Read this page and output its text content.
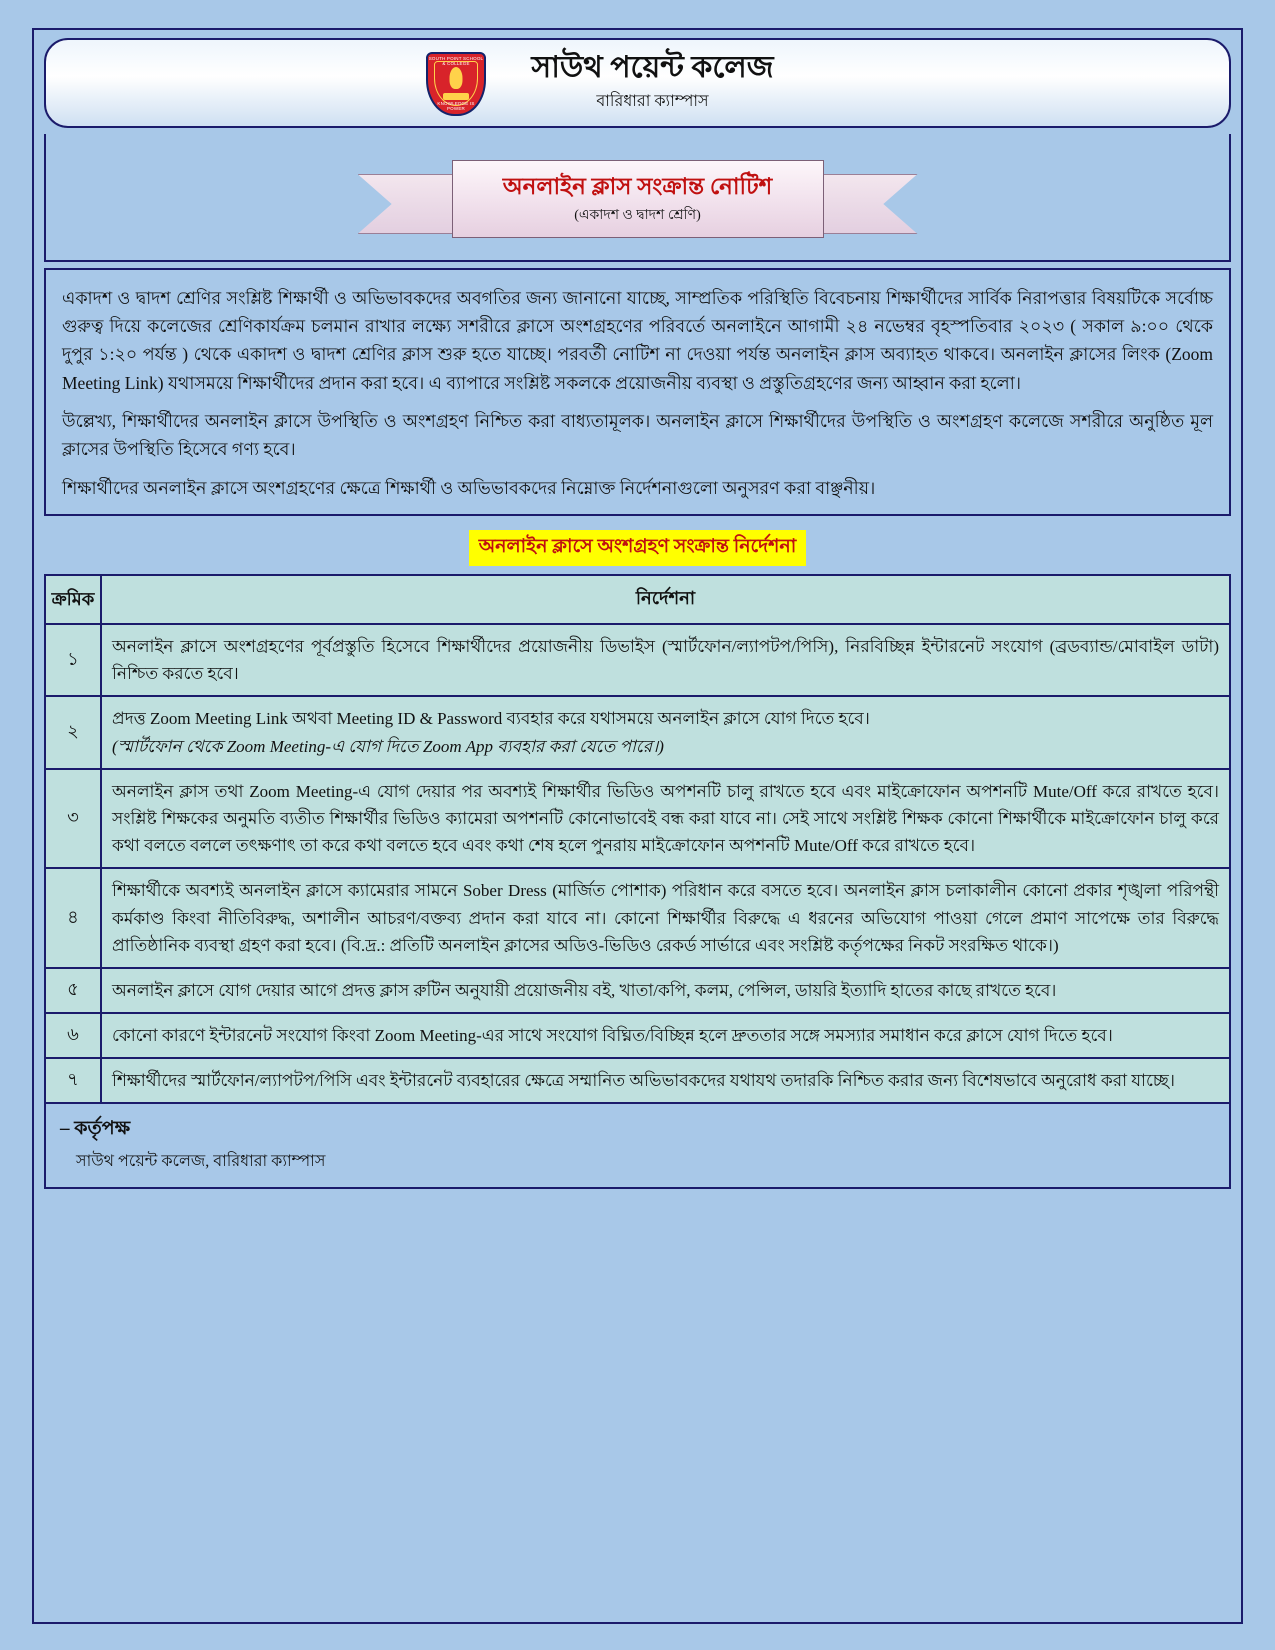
SOUTH POINT SCHOOL & COLLEGE
KNOWLEDGE IS POWER
সাউথ পয়েন্ট কলেজ
বারিধারা ক্যাম্পাস
অনলাইন ক্লাস সংক্রান্ত নোটিশ
(একাদশ ও দ্বাদশ শ্রেণি)

একাদশ ও দ্বাদশ শ্রেণির সংশ্লিষ্ট শিক্ষার্থী ও অভিভাবকদের অবগতির জন্য জানানো যাচ্ছে, সাম্প্রতিক পরিস্থিতি বিবেচনায় শিক্ষার্থীদের সার্বিক নিরাপত্তার বিষয়টিকে সর্বোচ্চ গুরুত্ব দিয়ে কলেজের শ্রেণিকার্যক্রম চলমান রাখার লক্ষ্যে সশরীরে ক্লাসে অংশগ্রহণের পরিবর্তে অনলাইনে আগামী ২৪ নভেম্বর বৃহস্পতিবার ২০২৩ ( সকাল ৯:০০ থেকে দুপুর ১:২০ পর্যন্ত ) থেকে একাদশ ও দ্বাদশ শ্রেণির ক্লাস শুরু হতে যাচ্ছে। পরবর্তী নোটিশ না দেওয়া পর্যন্ত অনলাইন ক্লাস অব্যাহত থাকবে। অনলাইন ক্লাসের লিংক (Zoom Meeting Link) যথাসময়ে শিক্ষার্থীদের প্রদান করা হবে। এ ব্যাপারে সংশ্লিষ্ট সকলকে প্রয়োজনীয় ব্যবস্থা ও প্রস্তুতিগ্রহণের জন্য আহ্বান করা হলো।

উল্লেখ্য, শিক্ষার্থীদের অনলাইন ক্লাসে উপস্থিতি ও অংশগ্রহণ নিশ্চিত করা বাধ্যতামূলক। অনলাইন ক্লাসে শিক্ষার্থীদের উপস্থিতি ও অংশগ্রহণ কলেজে সশরীরে অনুষ্ঠিত মূল ক্লাসের উপস্থিতি হিসেবে গণ্য হবে।

শিক্ষার্থীদের অনলাইন ক্লাসে অংশগ্রহণের ক্ষেত্রে শিক্ষার্থী ও অভিভাবকদের নিম্নোক্ত নির্দেশনাগুলো অনুসরণ করা বাঞ্ছনীয়।

অনলাইন ক্লাসে অংশগ্রহণ সংক্রান্ত নির্দেশনা
ক্রমিক	নির্দেশনা
১	অনলাইন ক্লাসে অংশগ্রহণের পূর্বপ্রস্তুতি হিসেবে শিক্ষার্থীদের প্রয়োজনীয় ডিভাইস (স্মার্টফোন/ল্যাপটপ/পিসি), নিরবিচ্ছিন্ন ইন্টারনেট সংযোগ (ব্রডব্যান্ড/মোবাইল ডাটা) নিশ্চিত করতে হবে।
২	প্রদত্ত Zoom Meeting Link অথবা Meeting ID & Password ব্যবহার করে যথাসময়ে অনলাইন ক্লাসে যোগ দিতে হবে।
(স্মার্টফোন থেকে Zoom Meeting-এ যোগ দিতে Zoom App ব্যবহার করা যেতে পারে।)
৩	অনলাইন ক্লাস তথা Zoom Meeting-এ যোগ দেয়ার পর অবশ্যই শিক্ষার্থীর ভিডিও অপশনটি চালু রাখতে হবে এবং মাইক্রোফোন অপশনটি Mute/Off করে রাখতে হবে। সংশ্লিষ্ট শিক্ষকের অনুমতি ব্যতীত শিক্ষার্থীর ভিডিও ক্যামেরা অপশনটি কোনোভাবেই বন্ধ করা যাবে না। সেই সাথে সংশ্লিষ্ট শিক্ষক কোনো শিক্ষার্থীকে মাইক্রোফোন চালু করে কথা বলতে বললে তৎক্ষণাৎ তা করে কথা বলতে হবে এবং কথা শেষ হলে পুনরায় মাইক্রোফোন অপশনটি Mute/Off করে রাখতে হবে।
৪	শিক্ষার্থীকে অবশ্যই অনলাইন ক্লাসে ক্যামেরার সামনে Sober Dress (মার্জিত পোশাক) পরিধান করে বসতে হবে। অনলাইন ক্লাস চলাকালীন কোনো প্রকার শৃঙ্খলা পরিপন্থী কর্মকাণ্ড কিংবা নীতিবিরুদ্ধ, অশালীন আচরণ/বক্তব্য প্রদান করা যাবে না। কোনো শিক্ষার্থীর বিরুদ্ধে এ ধরনের অভিযোগ পাওয়া গেলে প্রমাণ সাপেক্ষে তার বিরুদ্ধে প্রাতিষ্ঠানিক ব্যবস্থা গ্রহণ করা হবে। (বি.দ্র.: প্রতিটি অনলাইন ক্লাসের অডিও-ভিডিও রেকর্ড সার্ভারে এবং সংশ্লিষ্ট কর্তৃপক্ষের নিকট সংরক্ষিত থাকে।)
৫	অনলাইন ক্লাসে যোগ দেয়ার আগে প্রদত্ত ক্লাস রুটিন অনুযায়ী প্রয়োজনীয় বই, খাতা/কপি, কলম, পেন্সিল, ডায়রি ইত্যাদি হাতের কাছে রাখতে হবে।
৬	কোনো কারণে ইন্টারনেট সংযোগ কিংবা Zoom Meeting-এর সাথে সংযোগ বিঘ্নিত/বিচ্ছিন্ন হলে দ্রুততার সঙ্গে সমস্যার সমাধান করে ক্লাসে যোগ দিতে হবে।
৭	শিক্ষার্থীদের স্মার্টফোন/ল্যাপটপ/পিসি এবং ইন্টারনেট ব্যবহারের ক্ষেত্রে সম্মানিত অভিভাবকদের যথাযথ তদারকি নিশ্চিত করার জন্য বিশেষভাবে অনুরোধ করা যাচ্ছে।
– কর্তৃপক্ষ
সাউথ পয়েন্ট কলেজ, বারিধারা ক্যাম্পাস
